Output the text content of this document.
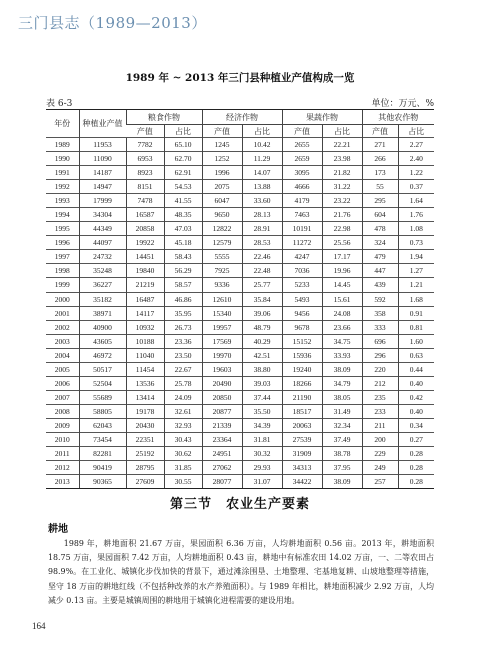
三门县志（1989—2013）
1989 年 ~ 2013 年三门县种植业产值构成一览
表 6-3	单位：万元、%
年份	种植业产值	粮食作物		经济作物		果蔬作物		其他农作物	
		产值	占比	产值	占比	产值	占比	产值	占比
1989	11953	7782	65.10	1245	10.42	2655	22.21	271	2.27
1990	11090	6953	62.70	1252	11.29	2659	23.98	266	2.40
1991	14187	8923	62.91	1996	14.07	3095	21.82	173	1.22
1992	14947	8151	54.53	2075	13.88	4666	31.22	55	0.37
1993	17999	7478	41.55	6047	33.60	4179	23.22	295	1.64
1994	34304	16587	48.35	9650	28.13	7463	21.76	604	1.76
1995	44349	20858	47.03	12822	28.91	10191	22.98	478	1.08
1996	44097	19922	45.18	12579	28.53	11272	25.56	324	0.73
1997	24732	14451	58.43	5555	22.46	4247	17.17	479	1.94
1998	35248	19840	56.29	7925	22.48	7036	19.96	447	1.27
1999	36227	21219	58.57	9336	25.77	5233	14.45	439	1.21
2000	35182	16487	46.86	12610	35.84	5493	15.61	592	1.68
2001	38971	14117	35.95	15340	39.06	9456	24.08	358	0.91
2002	40900	10932	26.73	19957	48.79	9678	23.66	333	0.81
2003	43605	10188	23.36	17569	40.29	15152	34.75	696	1.60
2004	46972	11040	23.50	19970	42.51	15936	33.93	296	0.63
2005	50517	11454	22.67	19603	38.80	19240	38.09	220	0.44
2006	52504	13536	25.78	20490	39.03	18266	34.79	212	0.40
2007	55689	13414	24.09	20850	37.44	21190	38.05	235	0.42
2008	58805	19178	32.61	20877	35.50	18517	31.49	233	0.40
2009	62043	20430	32.93	21339	34.39	20063	32.34	211	0.34
2010	73454	22351	30.43	23364	31.81	27539	37.49	200	0.27
2011	82281	25192	30.62	24951	30.32	31909	38.78	229	0.28
2012	90419	28795	31.85	27062	29.93	34313	37.95	249	0.28
2013	90365	27609	30.55	28077	31.07	34422	38.09	257	0.28
第三节　农业生产要素
耕地

1989 年，耕地面积 21.67 万亩，果园面积 6.36 万亩，人均耕地面积 0.56 亩。2013 年，耕地面积 18.75 万亩，果园面积 7.42 万亩，人均耕地面积 0.43 亩，耕地中有标准农田 14.02 万亩，一、二等农田占 98.9%。在工业化、城镇化步伐加快的背景下，通过滩涂围垦、土地整理、宅基地复耕、山坡地整理等措施，坚守 18 万亩的耕地红线（不包括种改养的水产养殖面积）。与 1989 年相比，耕地面积减少 2.92 万亩，人均减少 0.13 亩。主要是城镇周围的耕地用于城镇化进程需要的建设用地。

164
